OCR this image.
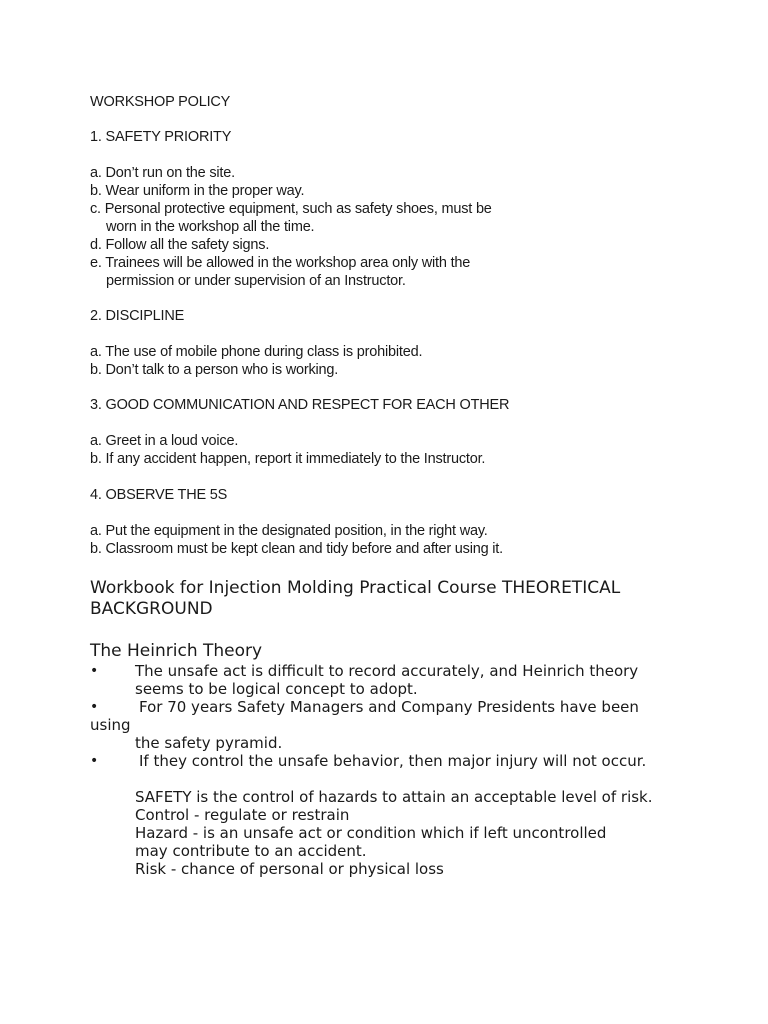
WORKSHOP POLICY
1. SAFETY PRIORITY
a. Don’t run on the site.
b. Wear uniform in the proper way.
c. Personal protective equipment, such as safety shoes, must be
worn in the workshop all the time.
d. Follow all the safety signs.
e. Trainees will be allowed in the workshop area only with the
permission or under supervision of an Instructor.
2. DISCIPLINE
a. The use of mobile phone during class is prohibited.
b. Don’t talk to a person who is working.
3. GOOD COMMUNICATION AND RESPECT FOR EACH OTHER
a. Greet in a loud voice.
b. If any accident happen, report it immediately to the Instructor.
4. OBSERVE THE 5S
a. Put the equipment in the designated position, in the right way.
b. Classroom must be kept clean and tidy before and after using it.
Workbook for Injection Molding Practical Course THEORETICAL
BACKGROUND
The Heinrich Theory
• The unsafe act is difficult to record accurately, and Heinrich theory
seems to be logical concept to adopt.
•	For 70 years Safety Managers and Company Presidents have been
using
the safety pyramid.
•	If they control the unsafe behavior, then major injury will not occur.
SAFETY is the control of hazards to attain an acceptable level of risk.
Control - regulate or restrain
Hazard - is an unsafe act or condition which if left uncontrolled
may contribute to an accident.
Risk - chance of personal or physical loss
